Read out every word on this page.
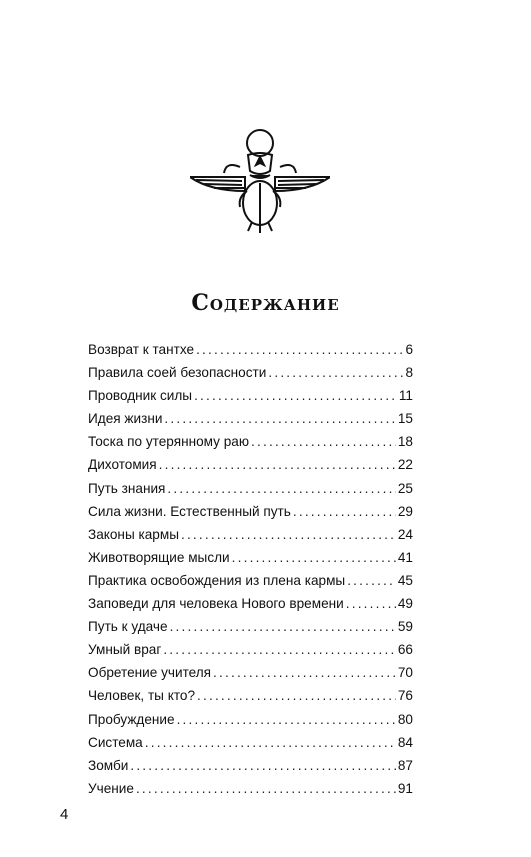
Содержание
Возврат к тантхе .....	6
Правила соей безопасности .....	8
Проводник силы .....	11
Идея жизни .....	15
Тоска по утерянному раю .....	18
Дихотомия .....	22
Путь знания .....	25
Сила жизни. Естественный путь .....	29
Законы кармы .....	24
Животворящие мысли .....	41
Практика освобождения из плена кармы .....	45
Заповеди для человека Нового времени .....	49
Путь к удаче .....	59
Умный враг .....	66
Обретение учителя .....	70
Человек, ты кто? .....	76
Пробуждение .....	80
Система .....	84
Зомби .....	87
Учение .....	91
4
